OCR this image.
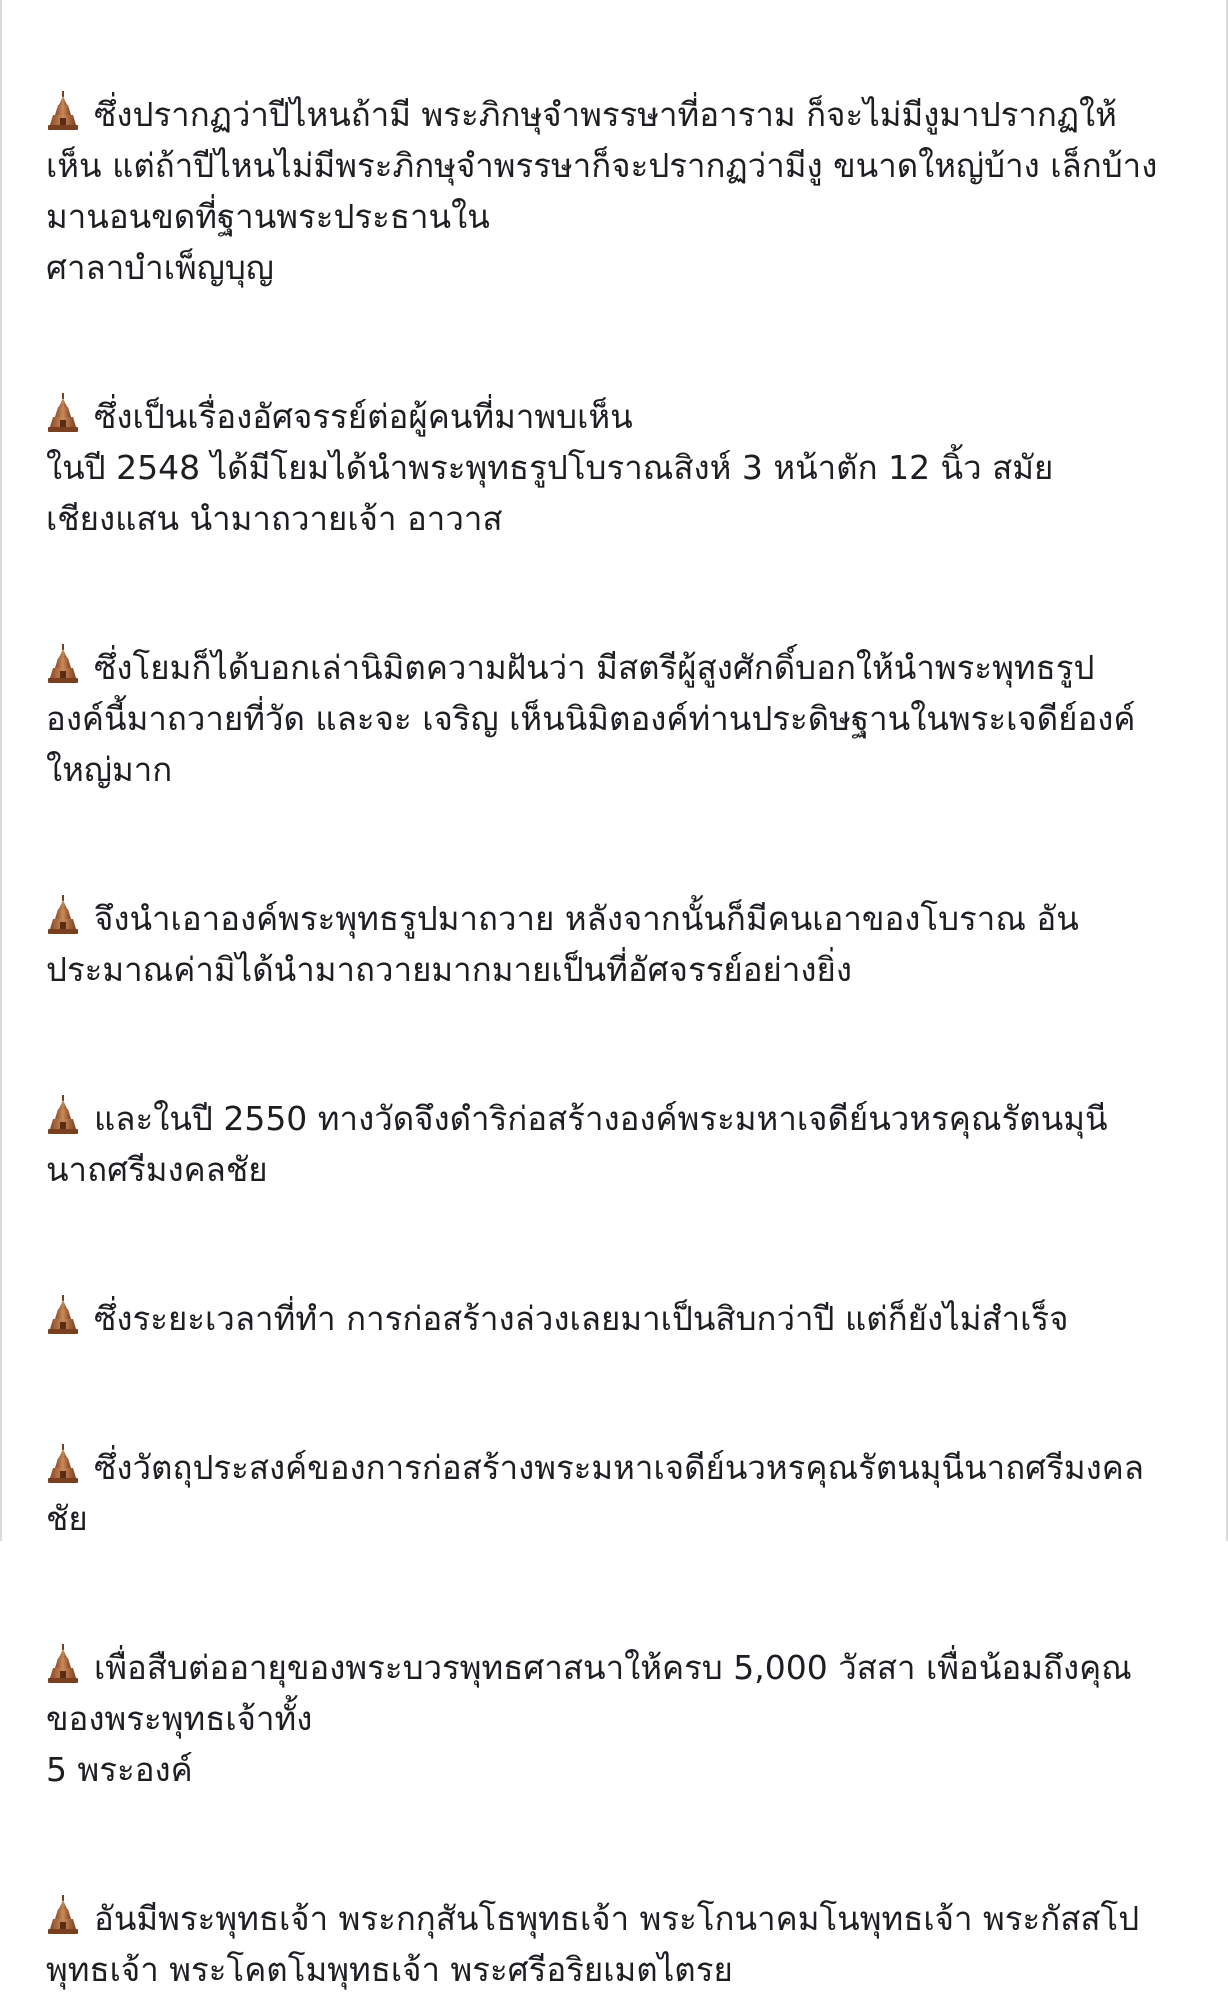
ซึ่งปรากฏว่าปีไหนถ้ามี พระภิกษุจำพรรษาที่อาราม ก็จะไม่มีงูมาปรากฏให้
เห็น แต่ถ้าปีไหนไม่มีพระภิกษุจำพรรษาก็จะปรากฏว่ามีงู ขนาดใหญ่บ้าง เล็กบ้าง
มานอนขดที่ฐานพระประธานใน
ศาลาบำเพ็ญบุญ

ซึ่งเป็นเรื่องอัศจรรย์ต่อผู้คนที่มาพบเห็น
ในปี 2548 ได้มีโยมได้นำพระพุทธรูปโบราณสิงห์ 3 หน้าตัก 12 นิ้ว สมัย
เชียงแสน นำมาถวายเจ้า อาวาส

ซึ่งโยมก็ได้บอกเล่านิมิตความฝันว่า มีสตรีผู้สูงศักดิ์บอกให้นำพระพุทธรูป
องค์นี้มาถวายที่วัด และจะ เจริญ เห็นนิมิตองค์ท่านประดิษฐานในพระเจดีย์องค์
ใหญ่มาก

จึงนำเอาองค์พระพุทธรูปมาถวาย หลังจากนั้นก็มีคนเอาของโบราณ อัน
ประมาณค่ามิได้นำมาถวายมากมายเป็นที่อัศจรรย์อย่างยิ่ง

และในปี 2550 ทางวัดจึงดำริก่อสร้างองค์พระมหาเจดีย์นวหรคุณรัตนมุนี
นาถศรีมงคลชัย

ซึ่งระยะเวลาที่ทำ การก่อสร้างล่วงเลยมาเป็นสิบกว่าปี แต่ก็ยังไม่สำเร็จ

ซึ่งวัตถุประสงค์ของการก่อสร้างพระมหาเจดีย์นวหรคุณรัตนมุนีนาถศรีมงคล
ชัย

เพื่อสืบต่ออายุของพระบวรพุทธศาสนาให้ครบ 5,000 วัสสา เพื่อน้อมถึงคุณ
ของพระพุทธเจ้าทั้ง
5 พระองค์

อันมีพระพุทธเจ้า พระกกุสันโธพุทธเจ้า พระโกนาคมโนพุทธเจ้า พระกัสสโป
พุทธเจ้า พระโคตโมพุทธเจ้า พระศรีอริยเมตไตรย
